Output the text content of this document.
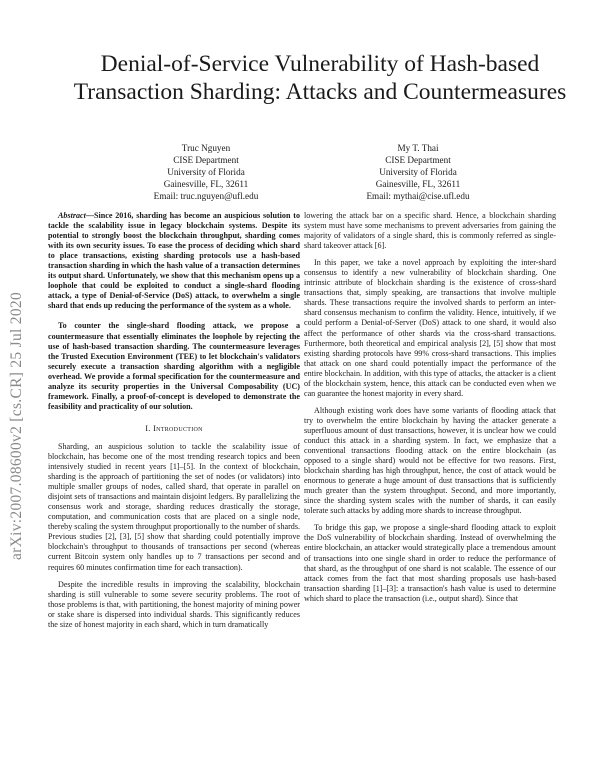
arXiv:2007.08600v2 [cs.CR] 25 Jul 2020
Denial-of-Service Vulnerability of Hash-based
Transaction Sharding: Attacks and Countermeasures
Truc Nguyen
CISE Department
University of Florida
Gainesville, FL, 32611
Email: truc.nguyen@ufl.edu
My T. Thai
CISE Department
University of Florida
Gainesville, FL, 32611
Email: mythai@cise.ufl.edu

Abstract—Since 2016, sharding has become an auspicious solution to tackle the scalability issue in legacy blockchain systems. Despite its potential to strongly boost the blockchain throughput, sharding comes with its own security issues. To ease the process of deciding which shard to place transactions, existing sharding protocols use a hash-based transaction sharding in which the hash value of a transaction determines its output shard. Unfortunately, we show that this mechanism opens up a loophole that could be exploited to conduct a single-shard flooding attack, a type of Denial-of-Service (DoS) attack, to overwhelm a single shard that ends up reducing the performance of the system as a whole.

To counter the single-shard flooding attack, we propose a countermeasure that essentially eliminates the loophole by rejecting the use of hash-based transaction sharding. The countermeasure leverages the Trusted Execution Environment (TEE) to let blockchain's validators securely execute a transaction sharding algorithm with a negligible overhead. We provide a formal specification for the countermeasure and analyze its security properties in the Universal Composability (UC) framework. Finally, a proof-of-concept is developed to demonstrate the feasibility and practicality of our solution.

I. Introduction

Sharding, an auspicious solution to tackle the scalability issue of blockchain, has become one of the most trending research topics and been intensively studied in recent years [1]–[5]. In the context of blockchain, sharding is the approach of partitioning the set of nodes (or validators) into multiple smaller groups of nodes, called shard, that operate in parallel on disjoint sets of transactions and maintain disjoint ledgers. By parallelizing the consensus work and storage, sharding reduces drastically the storage, computation, and communication costs that are placed on a single node, thereby scaling the system throughput proportionally to the number of shards. Previous studies [2], [3], [5] show that sharding could potentially improve blockchain's throughput to thousands of transactions per second (whereas current Bitcoin system only handles up to 7 transactions per second and requires 60 minutes confirmation time for each transaction).

Despite the incredible results in improving the scalability, blockchain sharding is still vulnerable to some severe security problems. The root of those problems is that, with partitioning, the honest majority of mining power or stake share is dispersed into individual shards. This significantly reduces the size of honest majority in each shard, which in turn dramatically

lowering the attack bar on a specific shard. Hence, a blockchain sharding system must have some mechanisms to prevent adversaries from gaining the majority of validators of a single shard, this is commonly referred as single-shard takeover attack [6].

In this paper, we take a novel approach by exploiting the inter-shard consensus to identify a new vulnerability of blockchain sharding. One intrinsic attribute of blockchain sharding is the existence of cross-shard transactions that, simply speaking, are transactions that involve multiple shards. These transactions require the involved shards to perform an inter-shard consensus mechanism to confirm the validity. Hence, intuitively, if we could perform a Denial-of-Server (DoS) attack to one shard, it would also affect the performance of other shards via the cross-shard transactions. Furthermore, both theoretical and empirical analysis [2], [5] show that most existing sharding protocols have 99% cross-shard transactions. This implies that attack on one shard could potentially impact the performance of the entire blockchain. In addition, with this type of attacks, the attacker is a client of the blockchain system, hence, this attack can be conducted even when we can guarantee the honest majority in every shard.

Although existing work does have some variants of flooding attack that try to overwhelm the entire blockchain by having the attacker generate a superfluous amount of dust transactions, however, it is unclear how we could conduct this attack in a sharding system. In fact, we emphasize that a conventional transactions flooding attack on the entire blockchain (as opposed to a single shard) would not be effective for two reasons. First, blockchain sharding has high throughput, hence, the cost of attack would be enormous to generate a huge amount of dust transactions that is sufficiently much greater than the system throughput. Second, and more importantly, since the sharding system scales with the number of shards, it can easily tolerate such attacks by adding more shards to increase throughput.

To bridge this gap, we propose a single-shard flooding attack to exploit the DoS vulnerability of blockchain sharding. Instead of overwhelming the entire blockchain, an attacker would strategically place a tremendous amount of transactions into one single shard in order to reduce the performance of that shard, as the throughput of one shard is not scalable. The essence of our attack comes from the fact that most sharding proposals use hash-based transaction sharding [1]–[3]: a transaction's hash value is used to determine which shard to place the transaction (i.e., output shard). Since that
